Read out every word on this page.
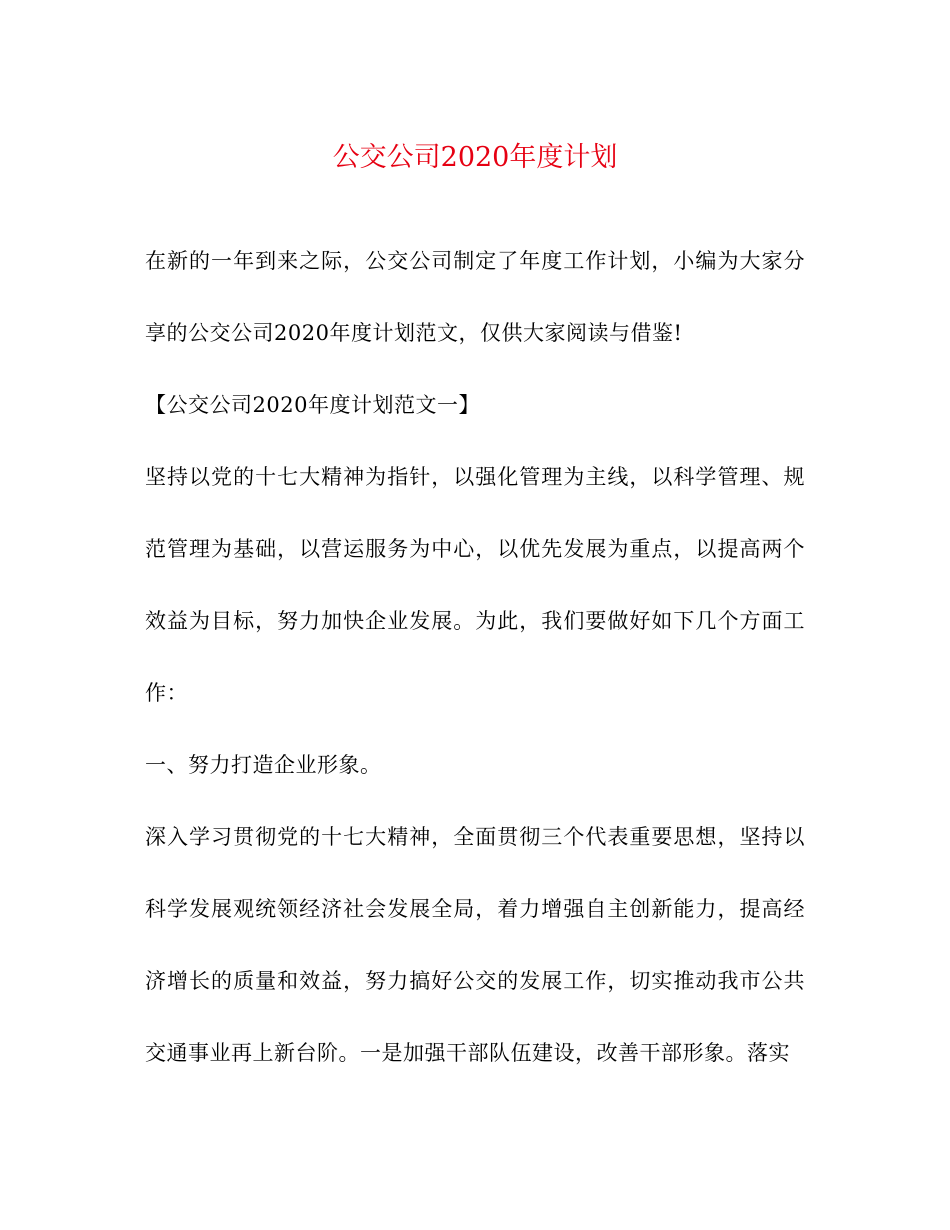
公交公司2020年度计划

在新的一年到来之际，公交公司制定了年度工作计划，小编为大家分享的公交公司2020年度计划范文，仅供大家阅读与借鉴!

【公交公司2020年度计划范文一】

坚持以党的十七大精神为指针，以强化管理为主线，以科学管理、规范管理为基础，以营运服务为中心，以优先发展为重点，以提高两个效益为目标，努力加快企业发展。为此，我们要做好如下几个方面工作：

一、努力打造企业形象。

深入学习贯彻党的十七大精神，全面贯彻三个代表重要思想，坚持以科学发展观统领经济社会发展全局，着力增强自主创新能力，提高经济增长的质量和效益，努力搞好公交的发展工作，切实推动我市公共交通事业再上新台阶。一是加强干部队伍建设，改善干部形象。落实
